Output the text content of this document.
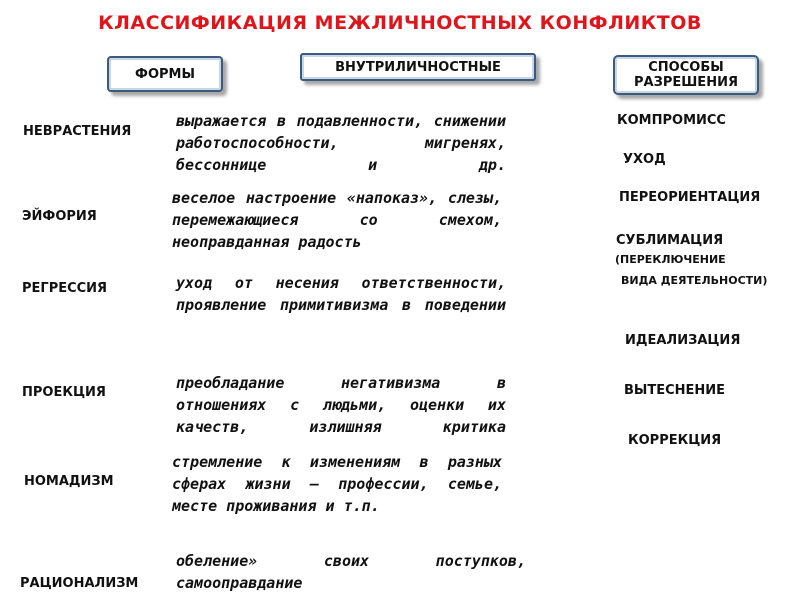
КЛАССИФИКАЦИЯ МЕЖЛИЧНОСТНЫХ КОНФЛИКТОВ
ФОРМЫ	ВНУТРИЛИЧНОСТНЫЕ	СПОСОБЫ
РАЗРЕШЕНИЯ
НЕВРАСТЕНИЯ
ЭЙФОРИЯ
РЕГРЕССИЯ
ПРОЕКЦИЯ
НОМАДИЗМ
РАЦИОНАЛИЗМ
выражается в подавленности, снижении работоспособности, мигренях, бессоннице и др.
веселое настроение «напоказ», слезы, перемежающиеся со смехом, неоправданная радость
уход от несения ответственности, проявление примитивизма в поведении
преобладание негативизма в отношениях с людьми, оценки их качеств, излишняя критика
стремление к изменениям в разных сферах жизни – профессии, семье, месте проживания и т.п.
обеление» своих поступков, самооправдание
КОМПРОМИСС
УХОД
ПЕРЕОРИЕНТАЦИЯ
СУБЛИМАЦИЯ
(ПЕРЕКЛЮЧЕНИЕ
ВИДА ДЕЯТЕЛЬНОСТИ)
ИДЕАЛИЗАЦИЯ
ВЫТЕСНЕНИЕ
КОРРЕКЦИЯ
